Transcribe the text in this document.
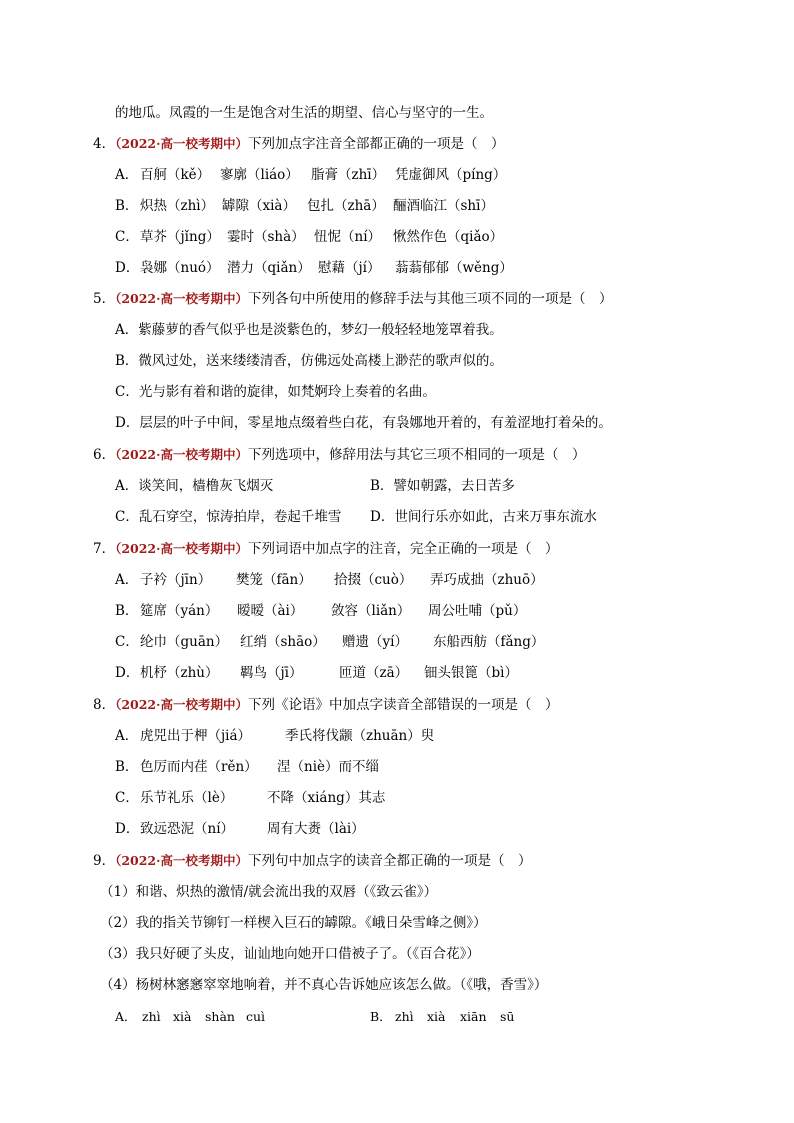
的地瓜。凤霞的一生是饱含对生活的期望、信心与坚守的一生。
4．（2022·高一校考期中）下列加点字注音全部都正确的一项是（　）
A． 百舸（kě） 寥廓（liáo） 脂膏（zhī） 凭虚御风（píng）
B． 炽热（zhì） 罅隙（xià） 包扎（zhā） 酾酒临江（shī）
C． 草芥（jǐng） 霎时（shà） 忸怩（ní） 愀然作色（qiǎo）
D． 袅娜（nuó） 潜力（qiǎn） 慰藉（jí） 蓊蓊郁郁（wěng）
5．（2022·高一校考期中）下列各句中所使用的修辞手法与其他三项不同的一项是（　）
A．紫藤萝的香气似乎也是淡紫色的，梦幻一般轻轻地笼罩着我。
B．微风过处，送来缕缕清香，仿佛远处高楼上渺茫的歌声似的。
C．光与影有着和谐的旋律，如梵婀玲上奏着的名曲。
D．层层的叶子中间，零星地点缀着些白花，有袅娜地开着的，有羞涩地打着朵的。
6．（2022·高一校考期中）下列选项中，修辞用法与其它三项不相同的一项是（　）
A．谈笑间，樯橹灰飞烟灭	B．譬如朝露，去日苦多
C．乱石穿空，惊涛拍岸，卷起千堆雪 D．世间行乐亦如此，古来万事东流水
7．（2022·高一校考期中）下列词语中加点字的注音，完全正确的一项是（　）
A． 子衿（jīn） 樊笼（fān） 拾掇（cuò） 弄巧成拙（zhuō）
B． 筵席（yán） 暧暧（ài） 敛容（liǎn） 周公吐哺（pǔ）
C． 纶巾（guān） 红绡（shāo） 赠遗（yí） 东船西舫（fǎng）
D． 机杼（zhù） 羁鸟（jī）	匝道（zā） 钿头银篦（bì）
8．（2022·高一校考期中）下列《论语》中加点字读音全部错误的一项是（　）
A． 虎兕出于柙（jiá）	季氏将伐颛（zhuān）臾
B． 色厉而内荏（rěn） 涅（niè）而不缁
C． 乐节礼乐（lè） 不降（xiáng）其志
D． 致远恐泥（ní） 周有大赉（lài）
9．（2022·高一校考期中）下列句中加点字的读音全都正确的一项是（　）
（1）和谐、炽热的激情/就会流出我的双唇（《致云雀》）
（2）我的指关节铆钉一样楔入巨石的罅隙。《峨日朵雪峰之侧》）
（3）我只好硬了头皮，讪讪地向她开口借被子了。（《百合花》）
（4）杨树林窸窸窣窣地响着，并不真心告诉她应该怎么做。（《哦，香雪》）
A． zhì xià shàn cuì	B． zhì xià xiān sū
